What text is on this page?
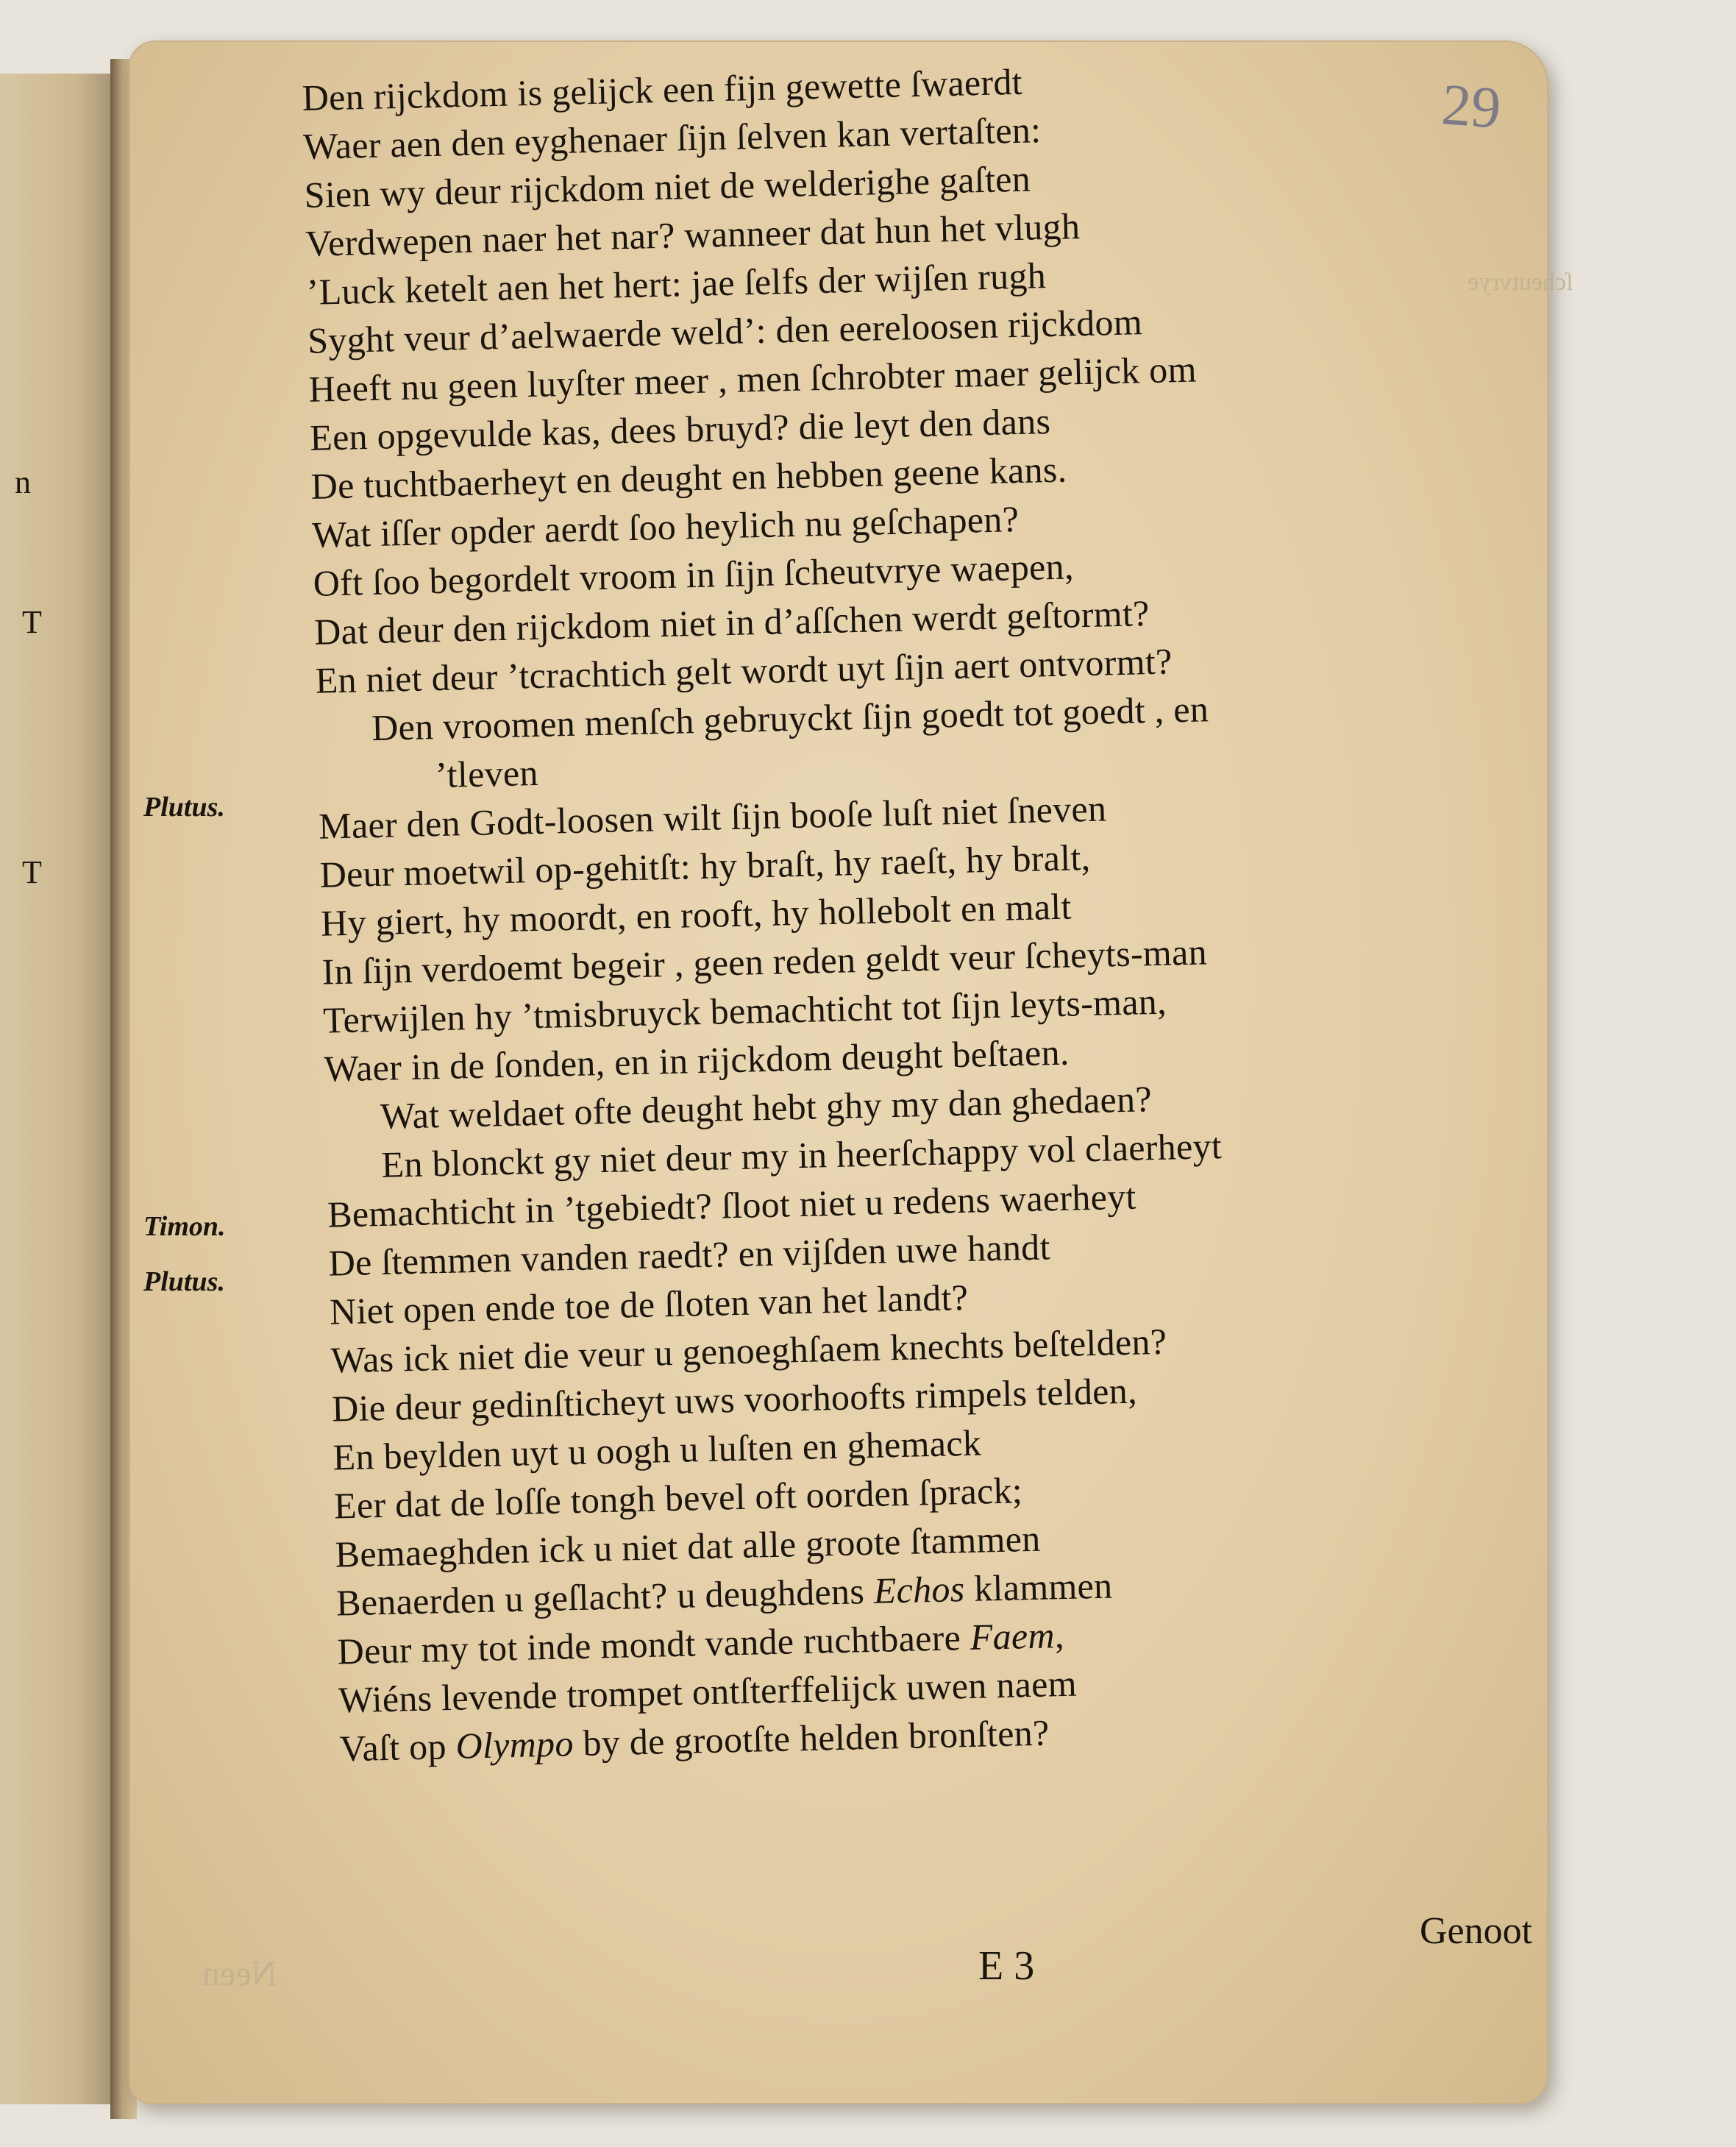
n
T
T
Neen
ſcheutvrye
29
Den rijckdom is gelijck een fijn gewette ſwaerdt
Waer aen den eyghenaer ſijn ſelven kan vertaſten:
Sien wy deur rijckdom niet de welderighe gaſten
Verdwepen naer het nar? wanneer dat hun het vlugh
’Luck ketelt aen het hert: jae ſelfs der wijſen rugh
Syght veur d’aelwaerde weld’: den eereloosen rijckdom
Heeft nu geen luyſter meer , men ſchrobter maer gelijck om
Een opgevulde kas, dees bruyd? die leyt den dans
De tuchtbaerheyt en deught en hebben geene kans.
Wat iſſer opder aerdt ſoo heylich nu geſchapen?
Oft ſoo begordelt vroom in ſijn ſcheutvrye waepen,
Dat deur den rijckdom niet in d’aſſchen werdt geſtormt?
En niet deur ’tcrachtich gelt wordt uyt ſijn aert ontvormt?
Den vroomen menſch gebruyckt ſijn goedt tot goedt , en
’tleven
Maer den Godt-loosen wilt ſijn booſe luſt niet ſneven
Deur moetwil op-gehitſt: hy braſt, hy raeſt, hy bralt,
Hy giert, hy moordt, en rooft, hy hollebolt en malt
In ſijn verdoemt begeir , geen reden geldt veur ſcheyts-man
Terwijlen hy ’tmisbruyck bemachticht tot ſijn leyts-man,
Waer in de ſonden, en in rijckdom deught beſtaen.
Wat weldaet ofte deught hebt ghy my dan ghedaen?
En blonckt gy niet deur my in heerſchappy vol claerheyt
Bemachticht in ’tgebiedt? ſloot niet u redens waerheyt
De ſtemmen vanden raedt? en vijſden uwe handt
Niet open ende toe de ſloten van het landt?
Was ick niet die veur u genoeghſaem knechts beſtelden?
Die deur gedinſticheyt uws voorhoofts rimpels telden,
En beylden uyt u oogh u luſten en ghemack
Eer dat de loſſe tongh bevel oft oorden ſprack;
Bemaeghden ick u niet dat alle groote ſtammen
Benaerden u geſlacht? u deughdens Echos klammen
Deur my tot inde mondt vande ruchtbaere Faem,
Wiéns levende trompet ontſterffelijck uwen naem
Vaſt op Olympo by de grootſte helden bronſten?
Plutus.
Timon.
Plutus.
E 3
Genoot
